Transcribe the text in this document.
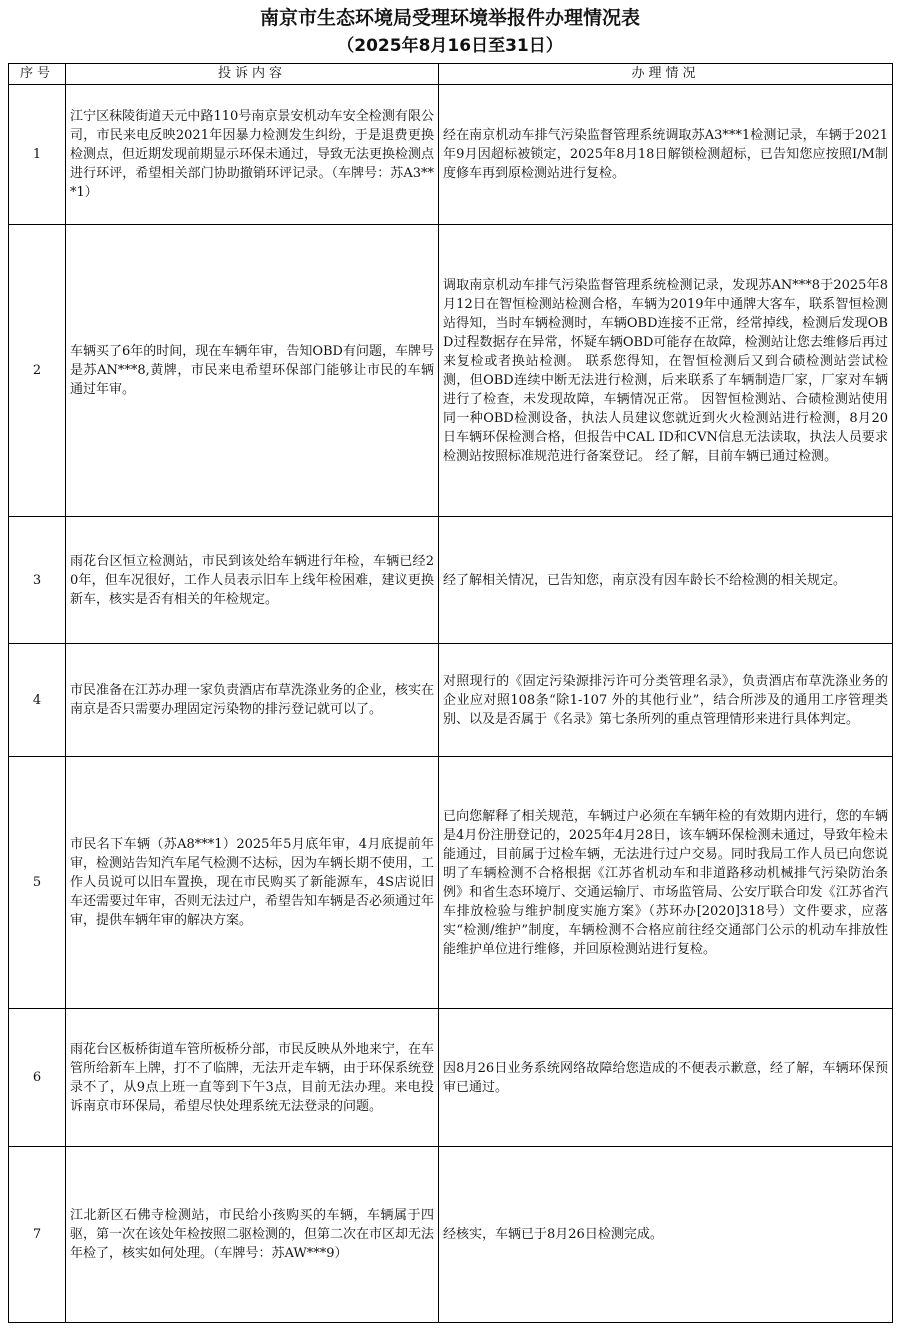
南京市生态环境局受理环境举报件办理情况表
（2025年8月16日至31日）
序号	投诉内容	办理情况
1	江宁区秣陵街道天元中路110号南京景安机动车安全检测有限公司，市民来电反映2021年因暴力检测发生纠纷，于是退费更换检测点，但近期发现前期显示环保未通过，导致无法更换检测点进行环评，希望相关部门协助撤销环评记录。（车牌号：苏A3***1）	经在南京机动车排气污染监督管理系统调取苏A3***1检测记录，车辆于2021年9月因超标被锁定，2025年8月18日解锁检测超标，已告知您应按照I/M制度修车再到原检测站进行复检。
2	车辆买了6年的时间，现在车辆年审，告知OBD有问题，车牌号是苏AN***8,黄牌，市民来电希望环保部门能够让市民的车辆通过年审。	调取南京机动车排气污染监督管理系统检测记录，发现苏AN***8于2025年8月12日在智恒检测站检测合格，车辆为2019年中通牌大客车，联系智恒检测站得知，当时车辆检测时，车辆OBD连接不正常，经常掉线，检测后发现OBD过程数据存在异常，怀疑车辆OBD可能存在故障，检测站让您去维修后再过来复检或者换站检测。 联系您得知，在智恒检测后又到合碛检测站尝试检测，但OBD连续中断无法进行检测，后来联系了车辆制造厂家，厂家对车辆进行了检查，未发现故障，车辆情况正常。 因智恒检测站、合碛检测站使用同一种OBD检测设备，执法人员建议您就近到火火检测站进行检测，8月20日车辆环保检测合格，但报告中CAL ID和CVN信息无法读取，执法人员要求检测站按照标准规范进行备案登记。 经了解，目前车辆已通过检测。
3	雨花台区恒立检测站，市民到该处给车辆进行年检，车辆已经20年，但车况很好，工作人员表示旧车上线年检困难，建议更换新车，核实是否有相关的年检规定。	经了解相关情况，已告知您，南京没有因车龄长不给检测的相关规定。
4	市民准备在江苏办理一家负责酒店布草洗涤业务的企业，核实在南京是否只需要办理固定污染物的排污登记就可以了。	对照现行的《固定污染源排污许可分类管理名录》，负责酒店布草洗涤业务的企业应对照108条“除1-107 外的其他行业”，结合所涉及的通用工序管理类别、以及是否属于《名录》第七条所列的重点管理情形来进行具体判定。
5	市民名下车辆（苏A8***1）2025年5月底年审，4月底提前年审，检测站告知汽车尾气检测不达标，因为车辆长期不使用，工作人员说可以旧车置换，现在市民购买了新能源车，4S店说旧车还需要过年审，否则无法过户，希望告知车辆是否必须通过年审，提供车辆年审的解决方案。	已向您解释了相关规范，车辆过户必须在车辆年检的有效期内进行，您的车辆是4月份注册登记的，2025年4月28日，该车辆环保检测未通过，导致年检未能通过，目前属于过检车辆，无法进行过户交易。同时我局工作人员已向您说明了车辆检测不合格根据《江苏省机动车和非道路移动机械排气污染防治条例》和省生态环境厅、交通运输厅、市场监管局、公安厅联合印发《江苏省汽车排放检验与维护制度实施方案》（苏环办[2020]318号）文件要求，应落实“检测/维护”制度，车辆检测不合格应前往经交通部门公示的机动车排放性能维护单位进行维修，并回原检测站进行复检。
6	雨花台区板桥街道车管所板桥分部，市民反映从外地来宁，在车管所给新车上牌，打不了临牌，无法开走车辆，由于环保系统登录不了，从9点上班一直等到下午3点，目前无法办理。来电投诉南京市环保局，希望尽快处理系统无法登录的问题。	因8月26日业务系统网络故障给您造成的不便表示歉意，经了解，车辆环保预审已通过。
7	江北新区石佛寺检测站，市民给小孩购买的车辆，车辆属于四驱，第一次在该处年检按照二驱检测的，但第二次在市区却无法年检了，核实如何处理。（车牌号：苏AW***9）	经核实，车辆已于8月26日检测完成。
